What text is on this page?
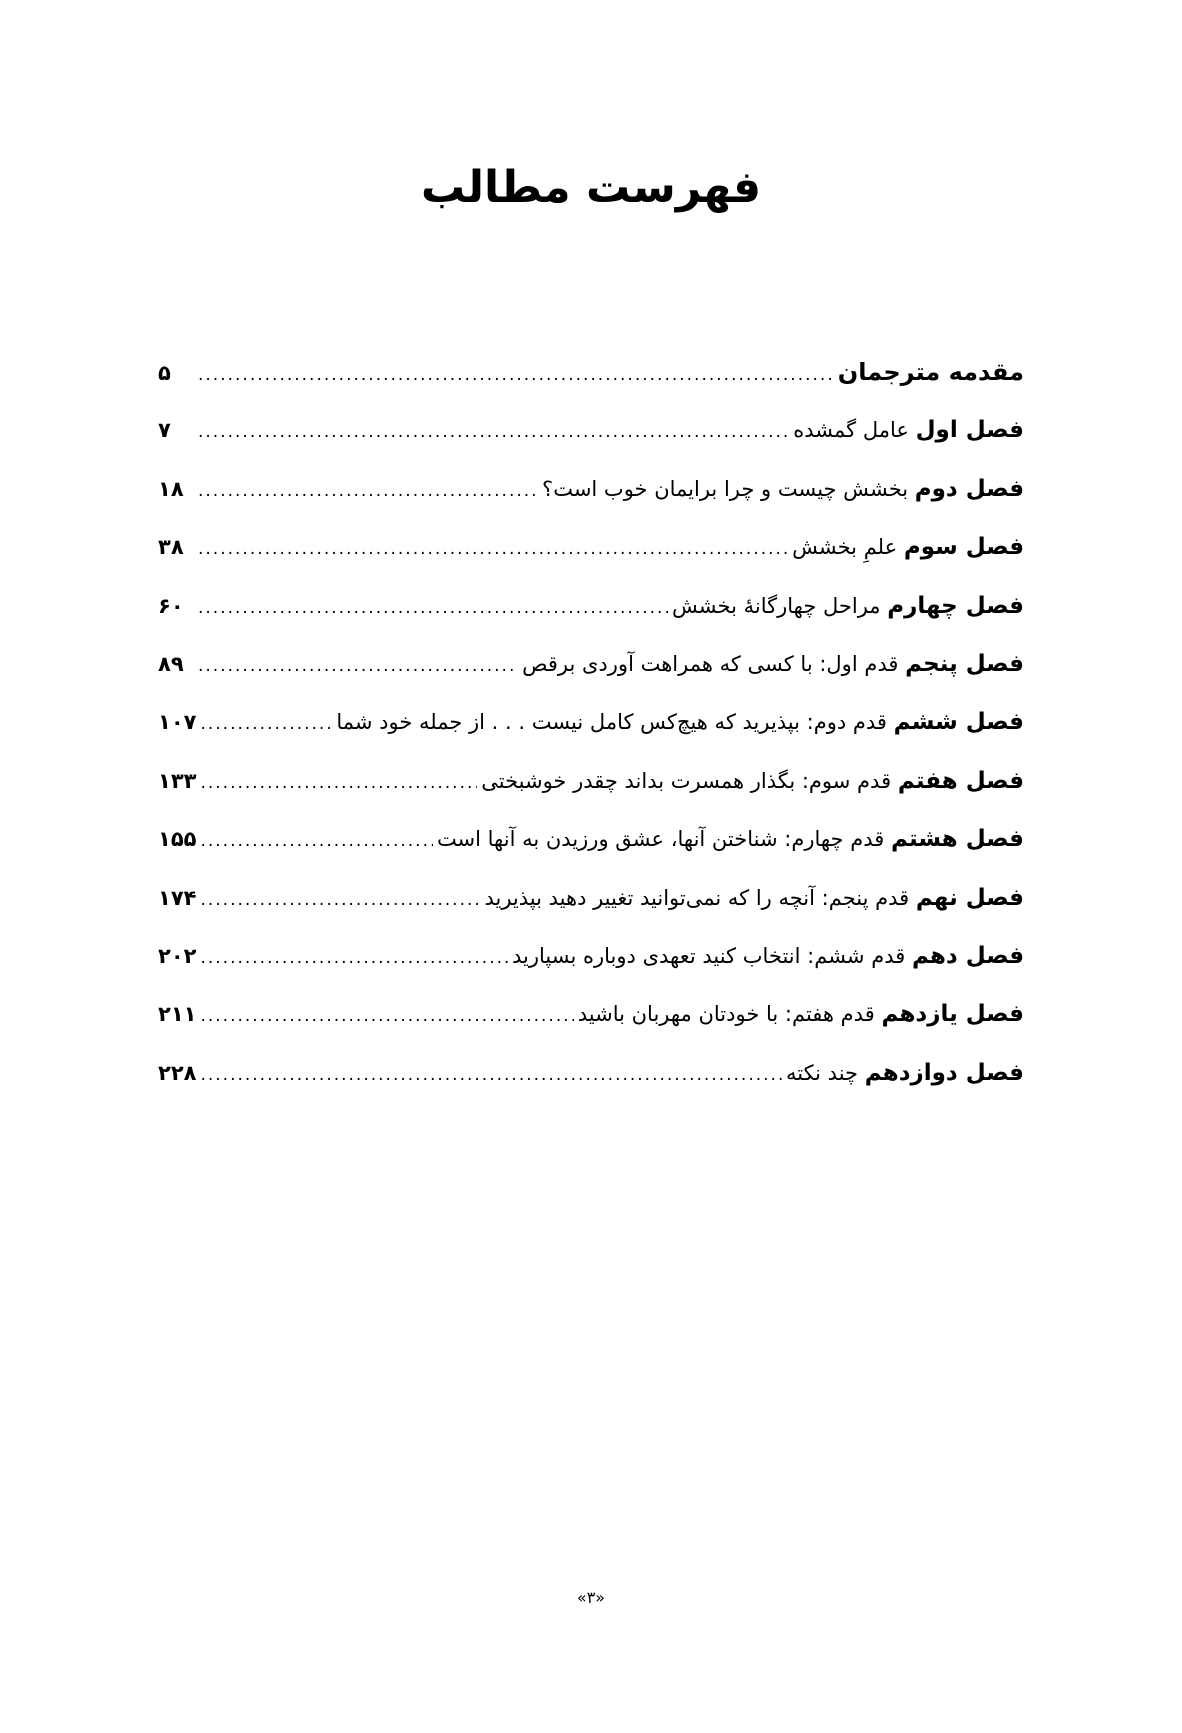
فهرست مطالب
مقدمه مترجمان
.....
۵
فصل اول عامل گمشده
.....
۷
فصل دوم بخشش چیست و چرا برایمان خوب است؟
.....
۱۸
فصل سوم علمِ بخشش
.....
۳۸
فصل چهارم مراحل چهارگانۀ بخشش
.....
۶۰
فصل پنجم قدم اول: با کسی که همراهت آوردی برقص
.....
۸۹
فصل ششم قدم دوم: بپذیرید که هیچ‌کس کامل نیست . . . از جمله خود شما
.....
۱۰۷
فصل هفتم قدم سوم: بگذار همسرت بداند چقدر خوشبختی
.....
۱۳۳
فصل هشتم قدم چهارم: شناختن آنها، عشق ورزیدن به آنها است
.....
۱۵۵
فصل نهم قدم پنجم: آنچه را که نمی‌توانید تغییر دهید بپذیرید
.....
۱۷۴
فصل دهم قدم ششم: انتخاب کنید تعهدی دوباره بسپارید
.....
۲۰۲
فصل یازدهم قدم هفتم: با خودتان مهربان باشید
.....
۲۱۱
فصل دوازدهم چند نکته
.....
۲۲۸
«۳»
